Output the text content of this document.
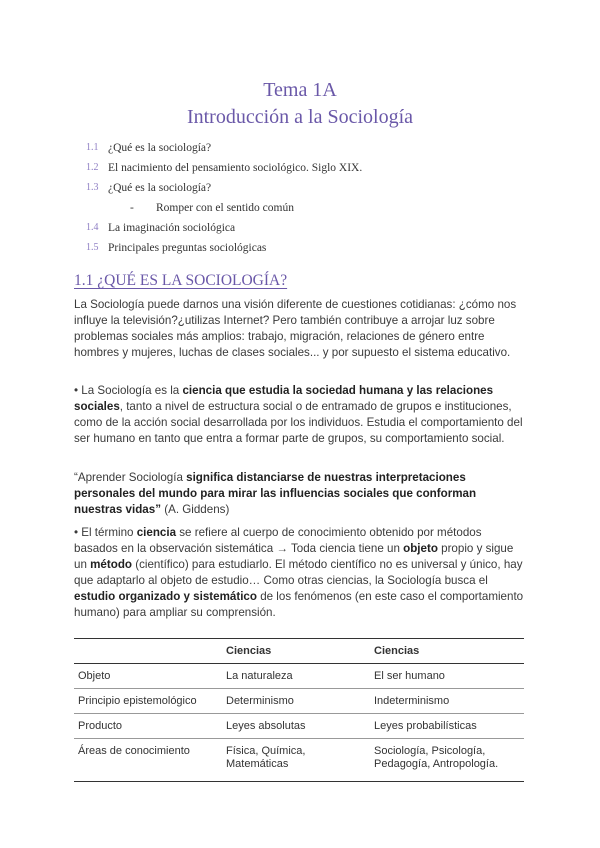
Tema 1A
Introducción a la Sociología
1.1 ¿Qué es la sociología?
1.2 El nacimiento del pensamiento sociológico. Siglo XIX.
1.3 ¿Qué es la sociología?
- Romper con el sentido común
1.4 La imaginación sociológica
1.5 Principales preguntas sociológicas
1.1 ¿QUÉ ES LA SOCIOLOGÍA?

La Sociología puede darnos una visión diferente de cuestiones cotidianas: ¿cómo nos influye la televisión?¿utilizas Internet? Pero también contribuye a arrojar luz sobre problemas sociales más amplios: trabajo, migración, relaciones de género entre hombres y mujeres, luchas de clases sociales... y por supuesto el sistema educativo.

• La Sociología es la ciencia que estudia la sociedad humana y las relaciones sociales, tanto a nivel de estructura social o de entramado de grupos e instituciones, como de la acción social desarrollada por los individuos. Estudia el comportamiento del ser humano en tanto que entra a formar parte de grupos, su comportamiento social.

“Aprender Sociología significa distanciarse de nuestras interpretaciones personales del mundo para mirar las influencias sociales que conforman nuestras vidas” (A. Giddens)

• El término ciencia se refiere al cuerpo de conocimiento obtenido por métodos basados en la observación sistemática → Toda ciencia tiene un objeto propio y sigue un método (científico) para estudiarlo. El método científico no es universal y único, hay que adaptarlo al objeto de estudio… Como otras ciencias, la Sociología busca el estudio organizado y sistemático de los fenómenos (en este caso el comportamiento humano) para ampliar su comprensión.

	Ciencias	Ciencias
Objeto	La naturaleza	El ser humano
Principio epistemológico	Determinismo	Indeterminismo
Producto	Leyes absolutas	Leyes probabilísticas
Áreas de conocimiento	Física, Química, Matemáticas	Sociología, Psicología, Pedagogía, Antropología.
